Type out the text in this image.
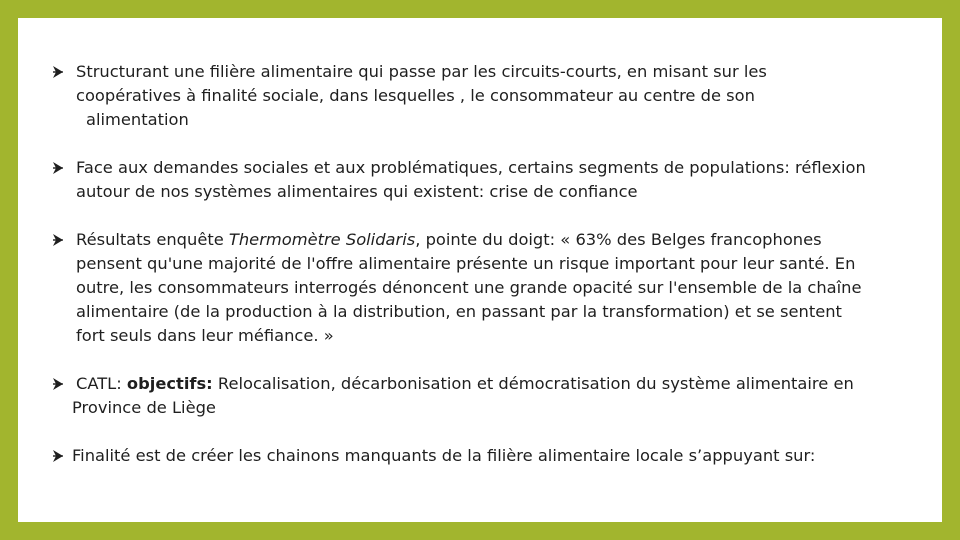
Structurant une filière alimentaire qui passe par les circuits-courts, en misant sur les
coopératives à finalité sociale, dans lesquelles , le consommateur au centre de son
alimentation
Face aux demandes sociales et aux problématiques, certains segments de populations: réflexion
autour de nos systèmes alimentaires qui existent: crise de confiance
Résultats enquête Thermomètre Solidaris, pointe du doigt: « 63% des Belges francophones
pensent qu'une majorité de l'offre alimentaire présente un risque important pour leur santé. En
outre, les consommateurs interrogés dénoncent une grande opacité sur l'ensemble de la chaîne
alimentaire (de la production à la distribution, en passant par la transformation) et se sentent
fort seuls dans leur méfiance. »
CATL: objectifs: Relocalisation, décarbonisation et démocratisation du système alimentaire en
Province de Liège
Finalité est de créer les chainons manquants de la filière alimentaire locale s’appuyant sur:
